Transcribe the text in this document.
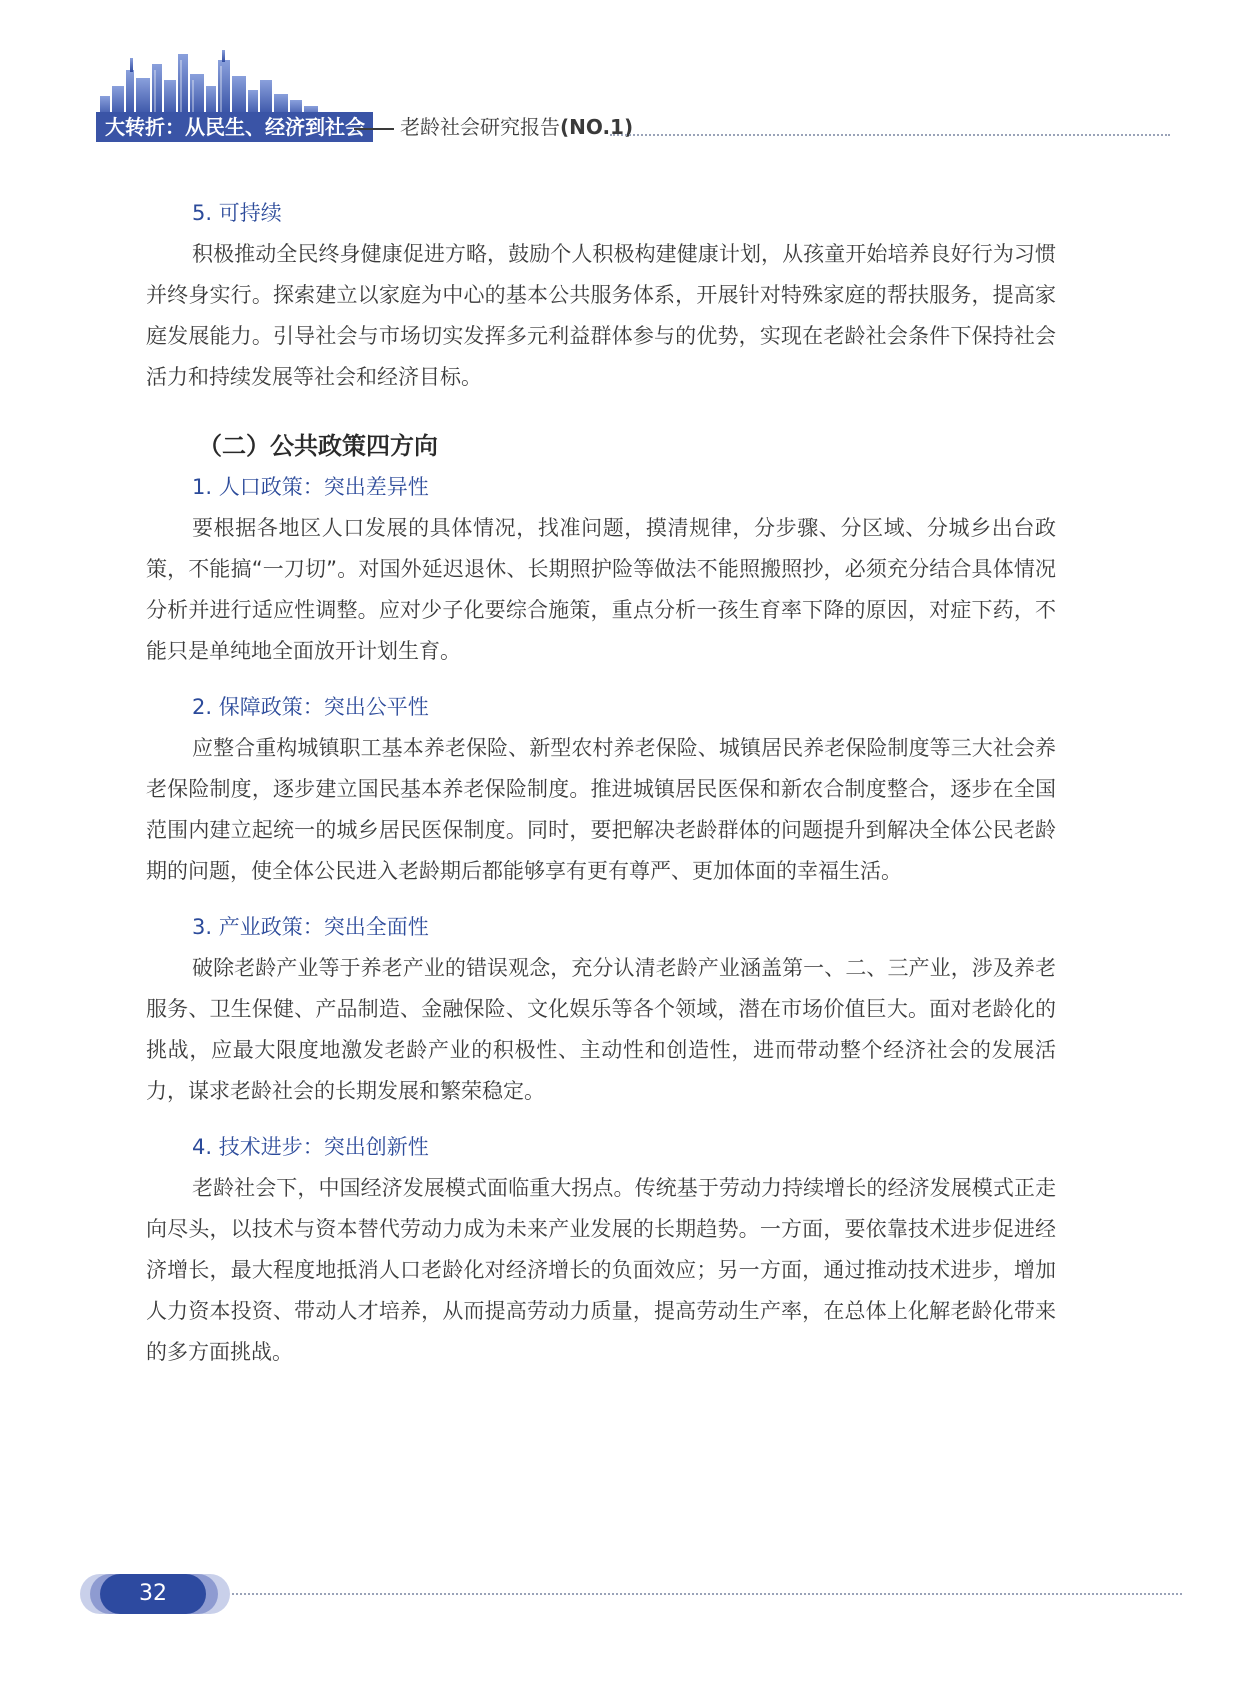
大转折：从民生、经济到社会	老龄社会研究报告(NO.1)
5. 可持续

积极推动全民终身健康促进方略，鼓励个人积极构建健康计划，从孩童开始培养良好行为习惯并终身实行。探索建立以家庭为中心的基本公共服务体系，开展针对特殊家庭的帮扶服务，提高家庭发展能力。引导社会与市场切实发挥多元利益群体参与的优势，实现在老龄社会条件下保持社会活力和持续发展等社会和经济目标。

（二）公共政策四方向
1. 人口政策：突出差异性

要根据各地区人口发展的具体情况，找准问题，摸清规律，分步骤、分区域、分城乡出台政策，不能搞“一刀切”。对国外延迟退休、长期照护险等做法不能照搬照抄，必须充分结合具体情况分析并进行适应性调整。应对少子化要综合施策，重点分析一孩生育率下降的原因，对症下药，不能只是单纯地全面放开计划生育。

2. 保障政策：突出公平性

应整合重构城镇职工基本养老保险、新型农村养老保险、城镇居民养老保险制度等三大社会养老保险制度，逐步建立国民基本养老保险制度。推进城镇居民医保和新农合制度整合，逐步在全国范围内建立起统一的城乡居民医保制度。同时，要把解决老龄群体的问题提升到解决全体公民老龄期的问题，使全体公民进入老龄期后都能够享有更有尊严、更加体面的幸福生活。

3. 产业政策：突出全面性

破除老龄产业等于养老产业的错误观念，充分认清老龄产业涵盖第一、二、三产业，涉及养老服务、卫生保健、产品制造、金融保险、文化娱乐等各个领域，潜在市场价值巨大。面对老龄化的挑战，应最大限度地激发老龄产业的积极性、主动性和创造性，进而带动整个经济社会的发展活力，谋求老龄社会的长期发展和繁荣稳定。

4. 技术进步：突出创新性

老龄社会下，中国经济发展模式面临重大拐点。传统基于劳动力持续增长的经济发展模式正走向尽头，以技术与资本替代劳动力成为未来产业发展的长期趋势。一方面，要依靠技术进步促进经济增长，最大程度地抵消人口老龄化对经济增长的负面效应；另一方面，通过推动技术进步，增加人力资本投资、带动人才培养，从而提高劳动力质量，提高劳动生产率，在总体上化解老龄化带来的多方面挑战。

32
